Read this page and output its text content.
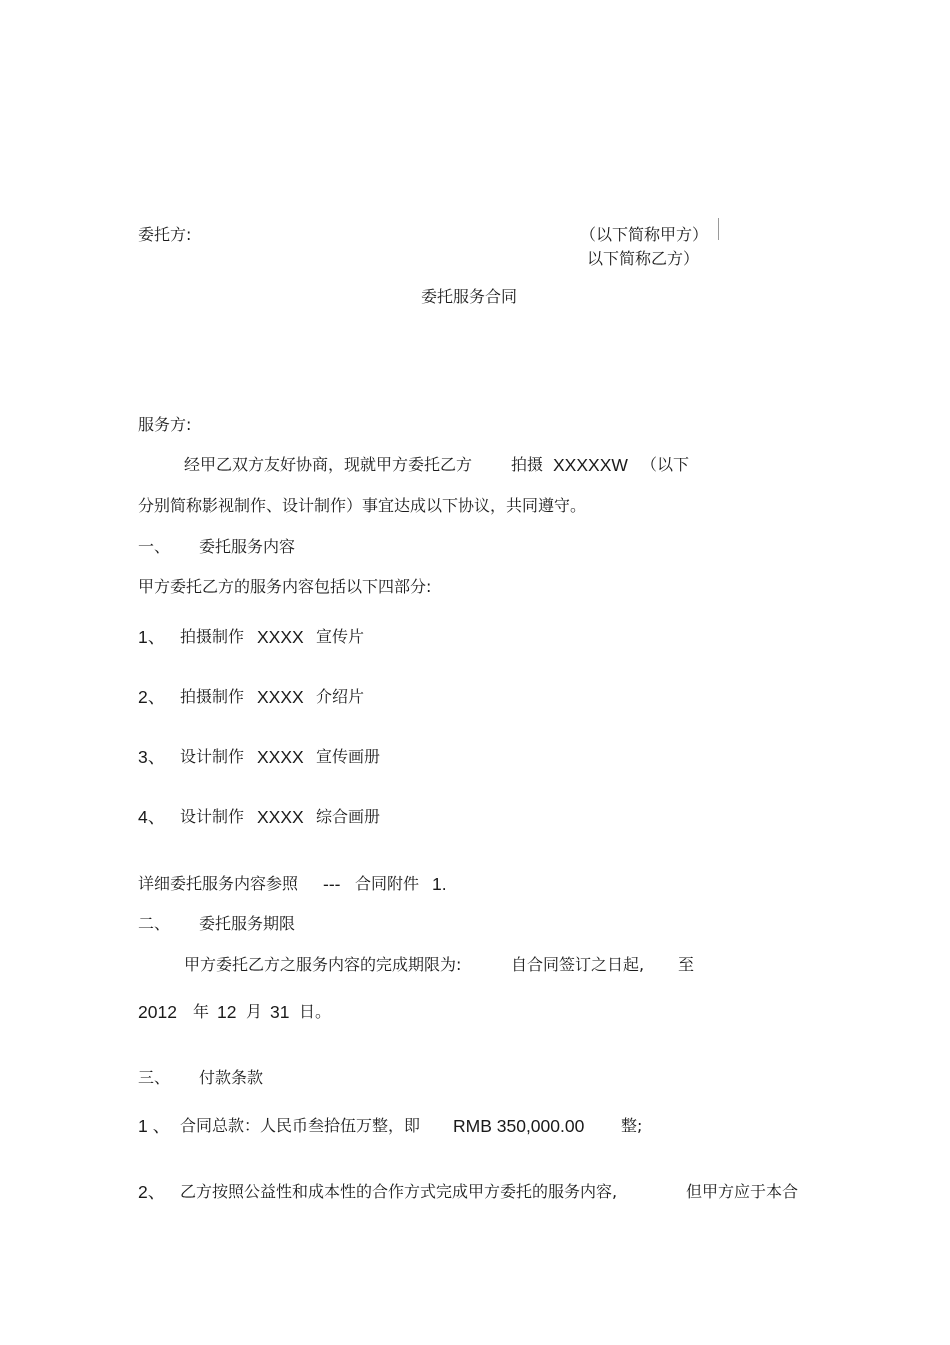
委托方:	（以下简称甲方）
以下简称乙方）
委托服务合同
服务方:
经甲乙双方友好协商，现就甲方委托乙方 拍摄 XXXXXW （以下
分别简称影视制作、设计制作）事宜达成以下协议，共同遵守。
一、 委托服务内容
甲方委托乙方的服务内容包括以下四部分:
1、 拍摄制作 XXXX 宣传片
2、 拍摄制作 XXXX 介绍片
3、 设计制作 XXXX 宣传画册
4、 设计制作 XXXX 综合画册
详细委托服务内容参照 --- 合同附件 1.
二、 委托服务期限
甲方委托乙方之服务内容的完成期限为:	自合同签订之日起, 至
2012 年 12 月 31 日。
三、 付款条款
1 、 合同总款：人民币叁拾伍万整，即 RMB 350,000.00 整;
2、 乙方按照公益性和成本性的合作方式完成甲方委托的服务内容,	但甲方应于本合
